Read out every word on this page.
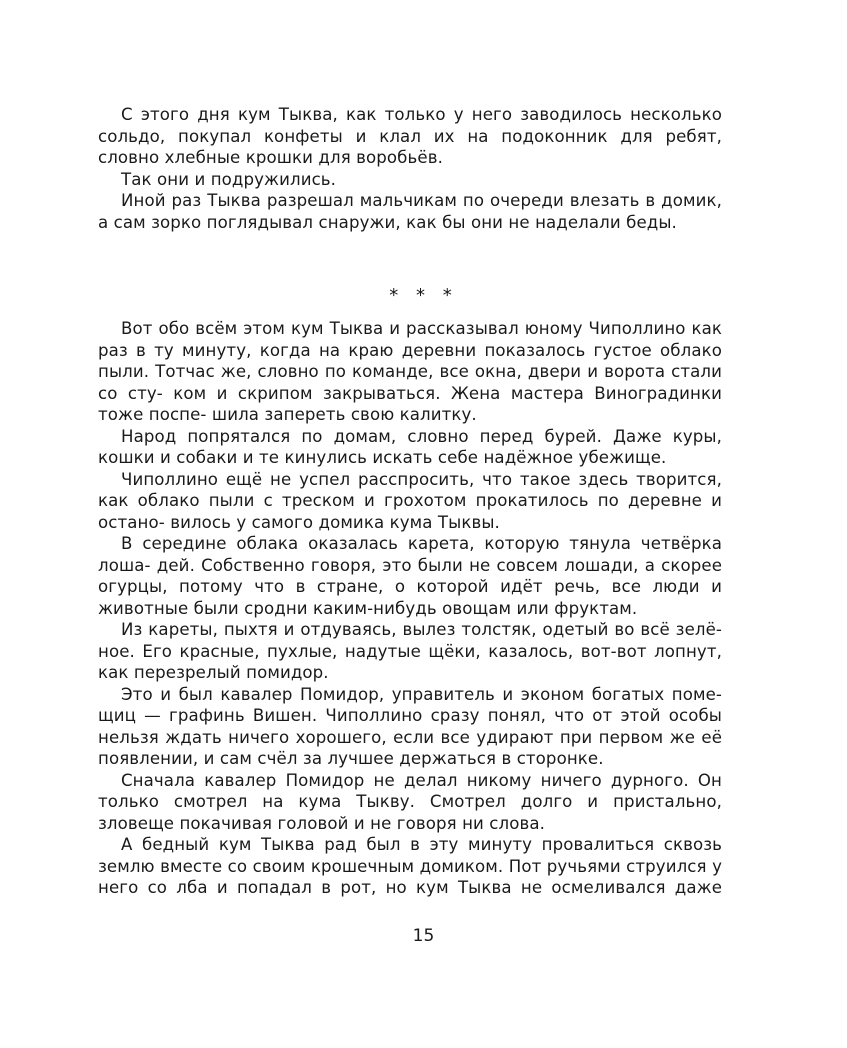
С этого дня кум Тыква, как только у него заводилось несколько сольдо, покупал конфеты и клал их на подоконник для ребят, словно хлебные крошки для воробьёв.

Так они и подружились.

Иной раз Тыква разрешал мальчикам по очереди влезать в домик, а сам зорко поглядывал снаружи, как бы они не наделали беды.

* * *

Вот обо всём этом кум Тыква и рассказывал юному Чиполлино как раз в ту минуту, когда на краю деревни показалось густое облако пыли. Тотчас же, словно по команде, все окна, двери и ворота стали со сту- ком и скрипом закрываться. Жена мастера Виноградинки тоже поспе- шила запереть свою калитку.

Народ попрятался по домам, словно перед бурей. Даже куры, кошки и собаки и те кинулись искать себе надёжное убежище.

Чиполлино ещё не успел расспросить, что такое здесь творится, как облако пыли с треском и грохотом прокатилось по деревне и остано- вилось у самого домика кума Тыквы.

В середине облака оказалась карета, которую тянула четвёрка лоша- дей. Собственно говоря, это были не совсем лошади, а скорее огурцы, потому что в стране, о которой идёт речь, все люди и животные были сродни каким-нибудь овощам или фруктам.

Из кареты, пыхтя и отдуваясь, вылез толстяк, одетый во всё зелё- ное. Его красные, пухлые, надутые щёки, казалось, вот-вот лопнут, как перезрелый помидор.

Это и был кавалер Помидор, управитель и эконом богатых поме- щиц — графинь Вишен. Чиполлино сразу понял, что от этой особы нельзя ждать ничего хорошего, если все удирают при первом же её появлении, и сам счёл за лучшее держаться в сторонке.

Сначала кавалер Помидор не делал никому ничего дурного. Он только смотрел на кума Тыкву. Смотрел долго и пристально, зловеще покачивая головой и не говоря ни слова.

А бедный кум Тыква рад был в эту минуту провалиться сквозь землю вместе со своим крошечным домиком. Пот ручьями струился у него со лба и попадал в рот, но кум Тыква не осмеливался даже

15
